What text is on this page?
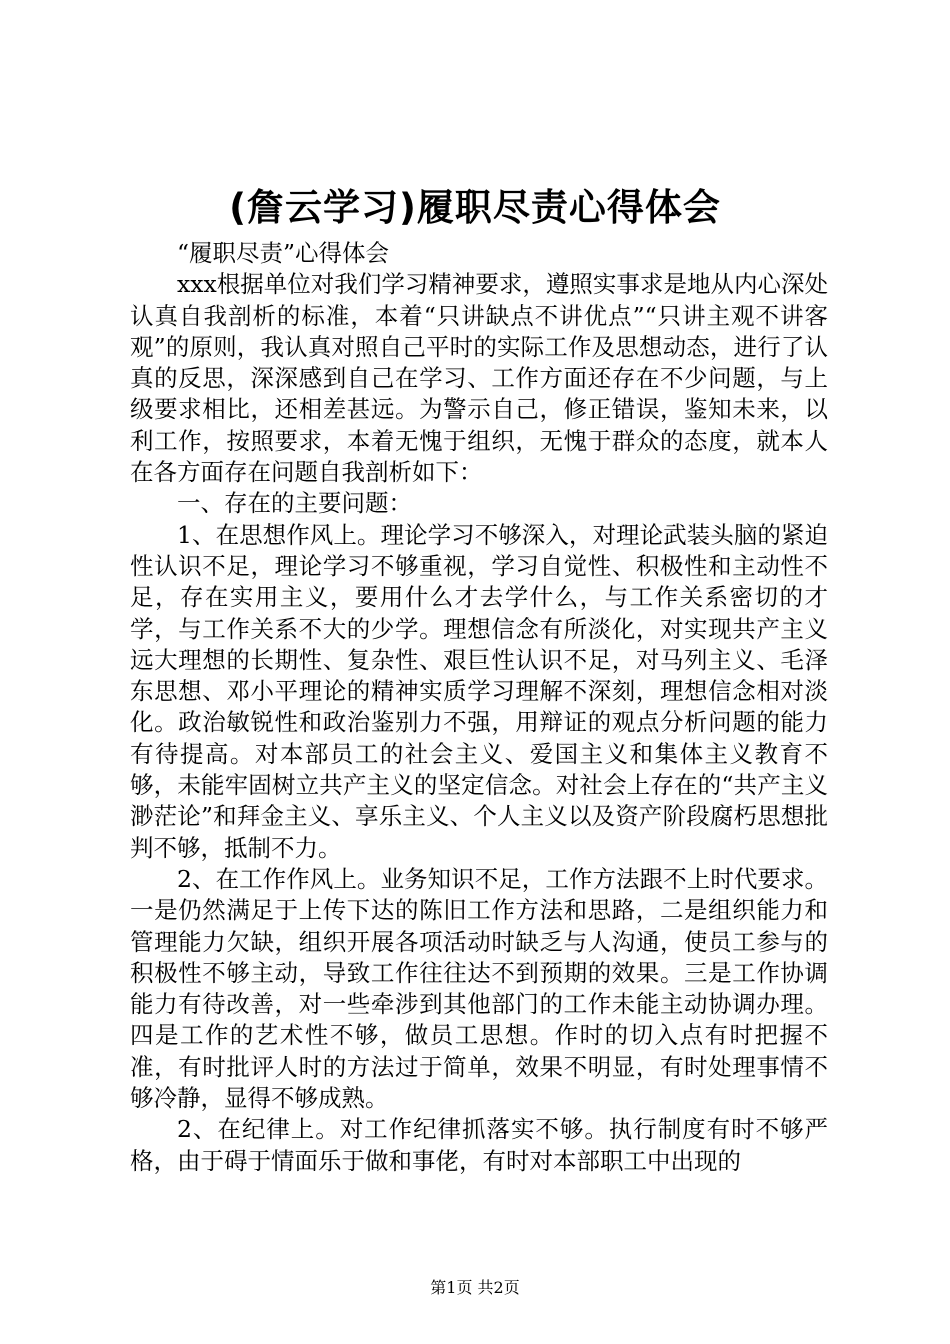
(詹云学习)履职尽责心得体会

“履职尽责”心得体会

xxx根据单位对我们学习精神要求，遵照实事求是地从内心深处认真自我剖析的标准，本着“只讲缺点不讲优点”“只讲主观不讲客观”的原则，我认真对照自己平时的实际工作及思想动态，进行了认真的反思，深深感到自己在学习、工作方面还存在不少问题，与上级要求相比，还相差甚远。为警示自己，修正错误，鉴知未来，以利工作，按照要求，本着无愧于组织，无愧于群众的态度，就本人在各方面存在问题自我剖析如下：

一、存在的主要问题：

1、在思想作风上。理论学习不够深入，对理论武装头脑的紧迫性认识不足，理论学习不够重视，学习自觉性、积极性和主动性不足，存在实用主义，要用什么才去学什么，与工作关系密切的才学，与工作关系不大的少学。理想信念有所淡化，对实现共产主义远大理想的长期性、复杂性、艰巨性认识不足，对马列主义、毛泽东思想、邓小平理论的精神实质学习理解不深刻，理想信念相对淡化。政治敏锐性和政治鉴别力不强，用辩证的观点分析问题的能力有待提高。对本部员工的社会主义、爱国主义和集体主义教育不够，未能牢固树立共产主义的坚定信念。对社会上存在的“共产主义渺茫论”和拜金主义、享乐主义、个人主义以及资产阶段腐朽思想批判不够，抵制不力。

2、在工作作风上。业务知识不足，工作方法跟不上时代要求。一是仍然满足于上传下达的陈旧工作方法和思路，二是组织能力和管理能力欠缺，组织开展各项活动时缺乏与人沟通，使员工参与的积极性不够主动，导致工作往往达不到预期的效果。三是工作协调能力有待改善，对一些牵涉到其他部门的工作未能主动协调办理。四是工作的艺术性不够，做员工思想。作时的切入点有时把握不准，有时批评人时的方法过于简单，效果不明显，有时处理事情不够冷静，显得不够成熟。

2、在纪律上。对工作纪律抓落实不够。执行制度有时不够严格，由于碍于情面乐于做和事佬，有时对本部职工中出现的

第1页 共2页
